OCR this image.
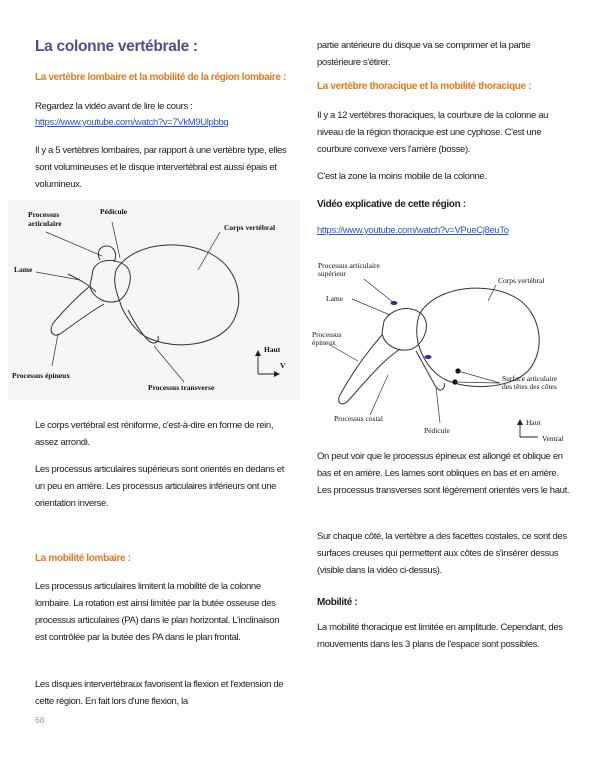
La colonne vertébrale :
La vertèbre lombaire et la mobilité de la région lombaire :

Regardez la vidéo avant de lire le cours :

https://www.youtube.com/watch?v=7VkM9Ulpbbg

Il y a 5 vertèbres lombaires, par rapport à une vertèbre type, elles sont volumineuses et le disque intervertébral est aussi épais et volumineux.

Processus
articulaire
Pédicule
Corps vertébral
Lame
Haut
V
Processus épineux
Processus transverse

Le corps vertébral est réniforme, c'est-à-dire en forme de rein, assez arrondi.

Les processus articulaires supérieurs sont orientés en dedans et un peu en arrière. Les processus articulaires inférieurs ont une orientation inverse.

La mobilité lombaire :

Les processus articulaires limitent la mobilité de la colonne lombaire. La rotation est ainsi limitée par la butée osseuse des processus articulaires (PA) dans le plan horizontal. L'inclinaison est contrôlée par la butée des PA dans le plan frontal.

Les disques intervertébraux favorisent la flexion et l'extension de cette région. En fait lors d'une flexion, la

68

partie antérieure du disque va se comprimer et la partie postérieure s'étirer.

La vertèbre thoracique et la mobilité thoracique :

Il y a 12 vertèbres thoraciques, la courbure de la colonne au niveau de la région thoracique est une cyphose. C'est une courbure convexe vers l'arrière (bosse).

C'est la zone la moins mobile de la colonne.

Vidéo explicative de cette région :
https://www.youtube.com/watch?v=VPueCj8euTo
Processus articulaire
supérieur
Corps vertébral
Lame
Processus
épineux
Surface articulaire
des têtes des côtes
Processus costal
Pédicule
Haut
Ventral

On peut voir que le processus épineux est allongé et oblique en bas et en arrière. Les lames sont obliques en bas et en arrière. Les processus transverses sont légèrement orientés vers le haut.

Sur chaque côté, la vertèbre a des facettes costales, ce sont des surfaces creuses qui permettent aux côtes de s'insérer dessus (visible dans la vidéo ci-dessus).

Mobilité :

La mobilité thoracique est limitée en amplitude. Cependant, des mouvements dans les 3 plans de l'espace sont possibles.
